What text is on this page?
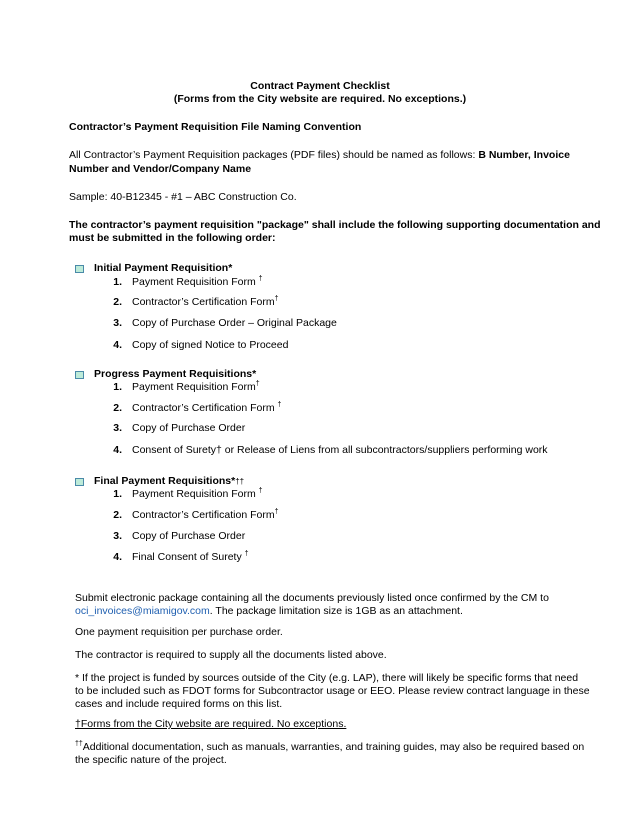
Contract Payment Checklist
(Forms from the City website are required. No exceptions.)
Contractor’s Payment Requisition File Naming Convention
All Contractor’s Payment Requisition packages (PDF files) should be named as follows: B Number, Invoice
Number and Vendor/Company Name
Sample: 40-B12345 - #1 – ABC Construction Co.
The contractor’s payment requisition "package" shall include the following supporting documentation and
must be submitted in the following order:
Initial Payment Requisition*
1. Payment Requisition Form †
2. Contractor’s Certification Form†
3. Copy of Purchase Order – Original Package
4. Copy of signed Notice to Proceed
Progress Payment Requisitions*
1. Payment Requisition Form†
2. Contractor’s Certification Form †
3. Copy of Purchase Order
4. Consent of Surety† or Release of Liens from all subcontractors/suppliers performing work
Final Payment Requisitions*††
1. Payment Requisition Form †
2. Contractor’s Certification Form†
3. Copy of Purchase Order
4. Final Consent of Surety †
Submit electronic package containing all the documents previously listed once confirmed by the CM to
oci_invoices@miamigov.com. The package limitation size is 1GB as an attachment.
One payment requisition per purchase order.
The contractor is required to supply all the documents listed above.
* If the project is funded by sources outside of the City (e.g. LAP), there will likely be specific forms that need
to be included such as FDOT forms for Subcontractor usage or EEO. Please review contract language in these
cases and include required forms on this list.
†Forms from the City website are required. No exceptions.
††Additional documentation, such as manuals, warranties, and training guides, may also be required based on
the specific nature of the project.
